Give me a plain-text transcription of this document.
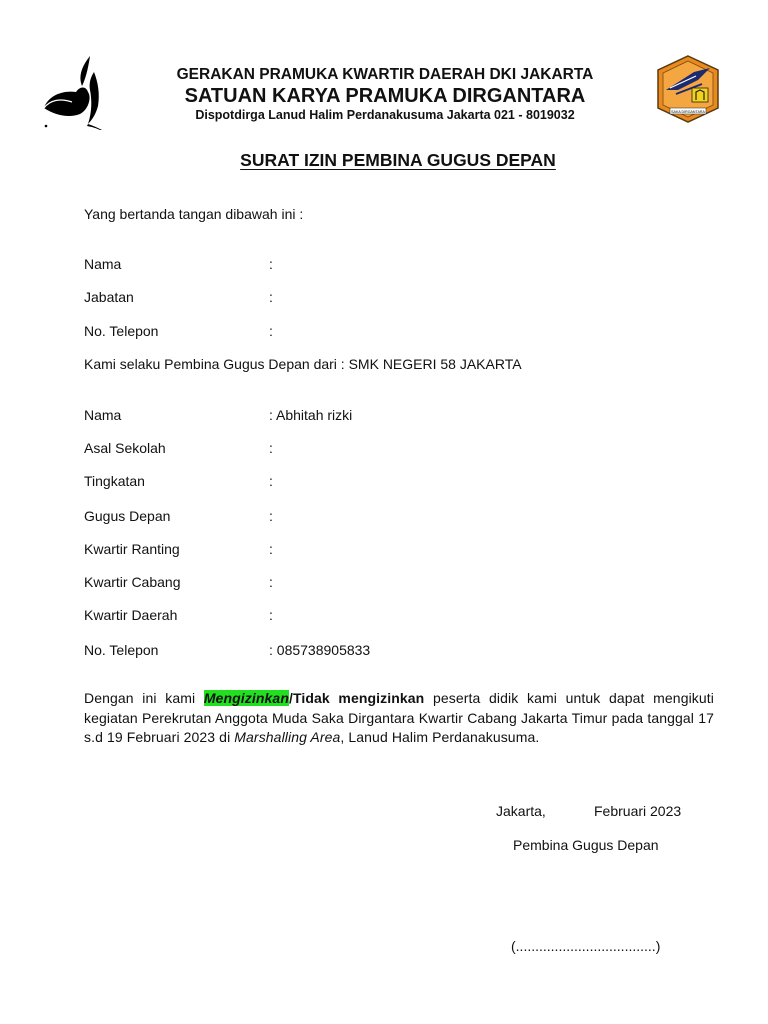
SAKA DIRGANTARA
GERAKAN PRAMUKA KWARTIR DAERAH DKI JAKARTA
SATUAN KARYA PRAMUKA DIRGANTARA
Dispotdirga Lanud Halim Perdanakusuma Jakarta 021 - 8019032
SURAT IZIN PEMBINA GUGUS DEPAN
Yang bertanda tangan dibawah ini :
Nama	:
Jabatan	:
No. Telepon	:
Kami selaku Pembina Gugus Depan dari : SMK NEGERI 58 JAKARTA
Nama	: Abhitah rizki
Asal Sekolah	:
Tingkatan	:
Gugus Depan	:
Kwartir Ranting	:
Kwartir Cabang	:
Kwartir Daerah	:
No. Telepon	: 085738905833
Dengan ini kami Mengizinkan/Tidak mengizinkan peserta didik kami untuk dapat mengikuti kegiatan Perekrutan Anggota Muda Saka Dirgantara Kwartir Cabang Jakarta Timur pada tanggal 17 s.d 19 Februari 2023 di Marshalling Area, Lanud Halim Perdanakusuma.
Jakarta,	Februari 2023
Pembina Gugus Depan
(....................................)
